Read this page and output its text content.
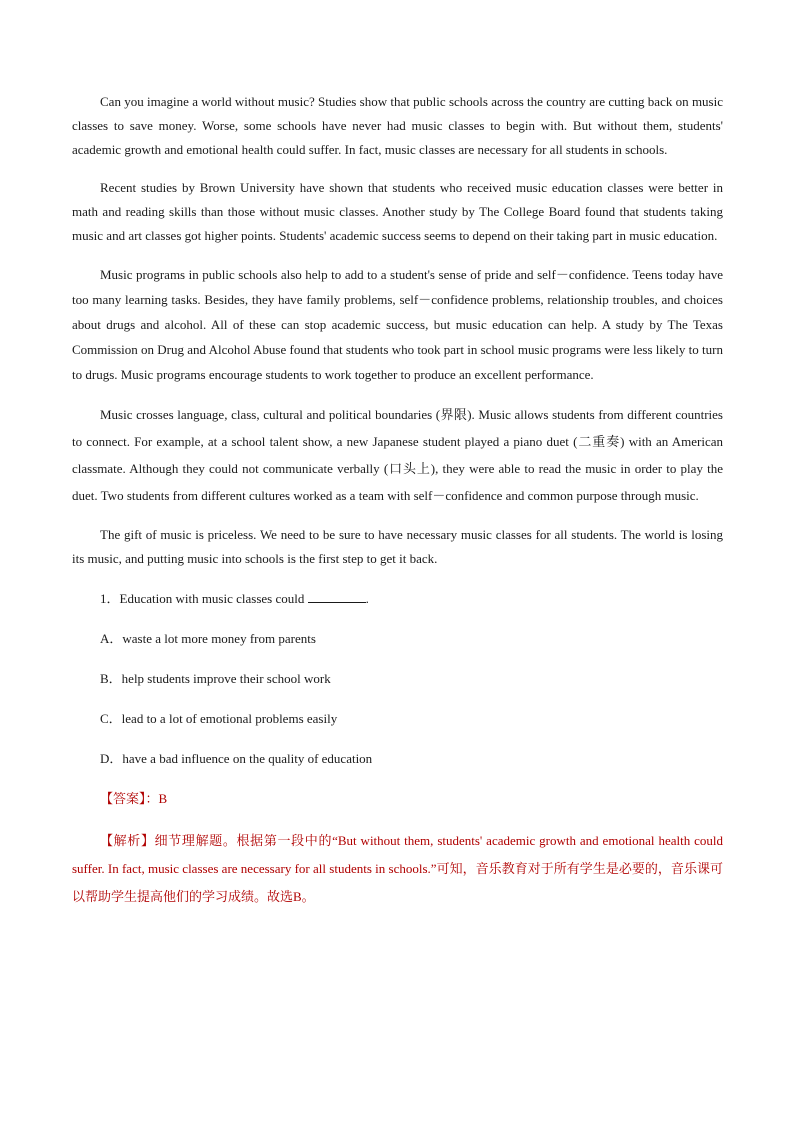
Can you imagine a world without music? Studies show that public schools across the country are cutting back on music classes to save money. Worse, some schools have never had music classes to begin with. But without them, students' academic growth and emotional health could suffer. In fact, music classes are necessary for all students in schools.

Recent studies by Brown University have shown that students who received music education classes were better in math and reading skills than those without music classes. Another study by The College Board found that students taking music and art classes got higher points. Students' academic success seems to depend on their taking part in music education.

Music programs in public schools also help to add to a student's sense of pride and self－confidence. Teens today have too many learning tasks. Besides, they have family problems, self－confidence problems, relationship troubles, and choices about drugs and alcohol. All of these can stop academic success, but music education can help. A study by The Texas Commission on Drug and Alcohol Abuse found that students who took part in school music programs were less likely to turn to drugs. Music programs encourage students to work together to produce an excellent performance.

Music crosses language, class, cultural and political boundaries (界限). Music allows students from different countries to connect. For example, at a school talent show, a new Japanese student played a piano duet (二重奏) with an American classmate. Although they could not communicate verbally (口头上), they were able to read the music in order to play the duet. Two students from different cultures worked as a team with self－confidence and common purpose through music.

The gift of music is priceless. We need to be sure to have necessary music classes for all students. The world is losing its music, and putting music into schools is the first step to get it back.

1．Education with music classes could	.
A．waste a lot more money from parents
B．help students improve their school work
C．lead to a lot of emotional problems easily
D．have a bad influence on the quality of education
【答案】：B

【解析】细节理解题。根据第一段中的“But without them, students' academic growth and emotional health could suffer. In fact, music classes are necessary for all students in schools.”可知，音乐教育对于所有学生是必要的，音乐课可以帮助学生提高他们的学习成绩。故选B。
